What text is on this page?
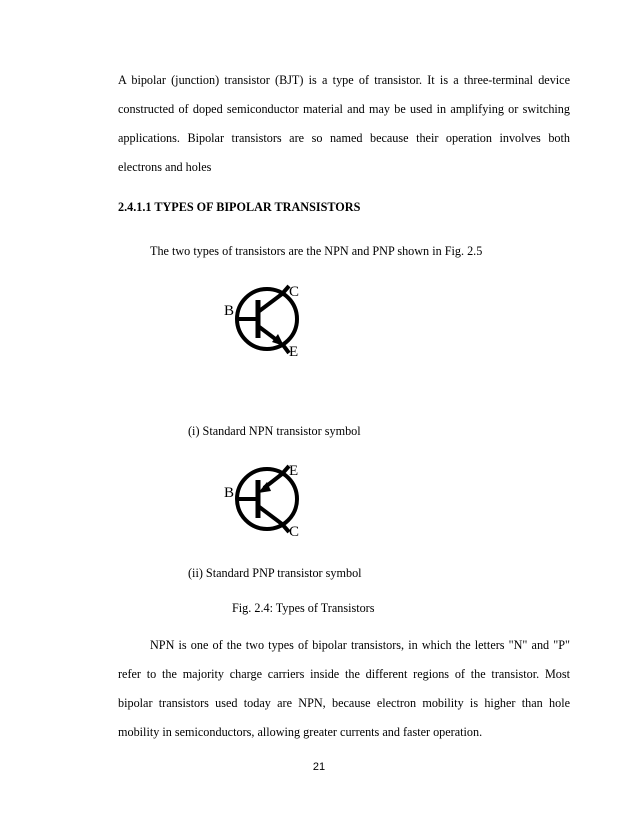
A bipolar (junction) transistor (BJT) is a type of transistor. It is a three-terminal device
constructed of doped semiconductor material and may be used in amplifying or switching
applications. Bipolar transistors are so named because their operation involves both
electrons and holes

2.4.1.1 TYPES OF BIPOLAR TRANSISTORS

The two types of transistors are the NPN and PNP shown in Fig. 2.5

B
C
E

(i) Standard NPN transistor symbol

B
E
C

(ii) Standard PNP transistor symbol

Fig. 2.4: Types of Transistors

NPN is one of the two types of bipolar transistors, in which the letters "N" and "P"
refer to the majority charge carriers inside the different regions of the transistor. Most
bipolar transistors used today are NPN, because electron mobility is higher than hole
mobility in semiconductors, allowing greater currents and faster operation.
21
